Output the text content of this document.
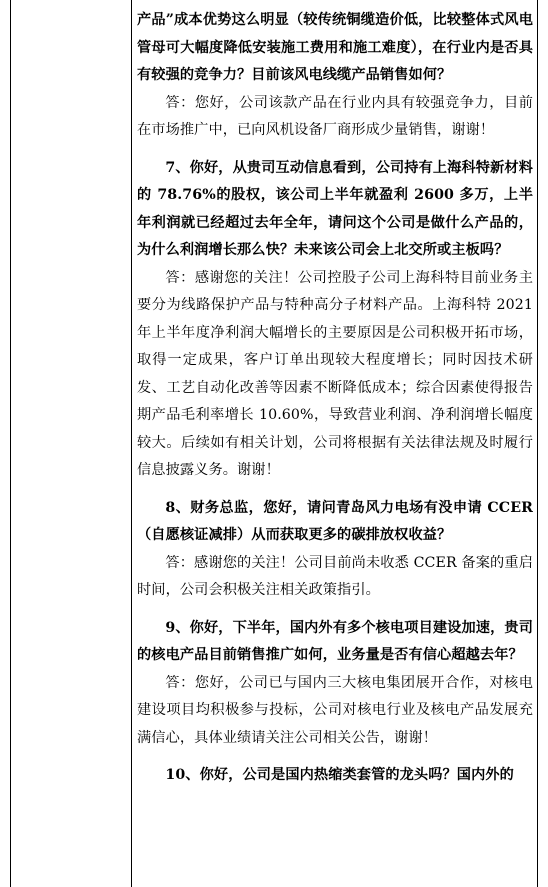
产品”成本优势这么明显（较传统铜缆造价低，比较整体式风电管母可大幅度降低安装施工费用和施工难度），在行业内是否具有较强的竞争力？目前该风电线缆产品销售如何？

答：您好，公司该款产品在行业内具有较强竞争力，目前在市场推广中，已向风机设备厂商形成少量销售，谢谢！

7、你好，从贵司互动信息看到，公司持有上海科特新材料的 78.76%的股权，该公司上半年就盈利 2600 多万，上半年利润就已经超过去年全年，请问这个公司是做什么产品的，为什么利润增长那么快？未来该公司会上北交所或主板吗？

答：感谢您的关注！公司控股子公司上海科特目前业务主要分为线路保护产品与特种高分子材料产品。上海科特 2021 年上半年度净利润大幅增长的主要原因是公司积极开拓市场，取得一定成果，客户订单出现较大程度增长；同时因技术研发、工艺自动化改善等因素不断降低成本；综合因素使得报告期产品毛利率增长 10.60%，导致营业利润、净利润增长幅度较大。后续如有相关计划，公司将根据有关法律法规及时履行信息披露义务。谢谢！

8、财务总监，您好，请问青岛风力电场有没申请 CCER（自愿核证减排）从而获取更多的碳排放权收益？

答：感谢您的关注！公司目前尚未收悉 CCER 备案的重启时间，公司会积极关注相关政策指引。

9、你好，下半年，国内外有多个核电项目建设加速，贵司的核电产品目前销售推广如何，业务量是否有信心超越去年？

答：您好，公司已与国内三大核电集团展开合作，对核电建设项目均积极参与投标，公司对核电行业及核电产品发展充满信心，具体业绩请关注公司相关公告，谢谢！

10、你好，公司是国内热缩类套管的龙头吗？国内外的
